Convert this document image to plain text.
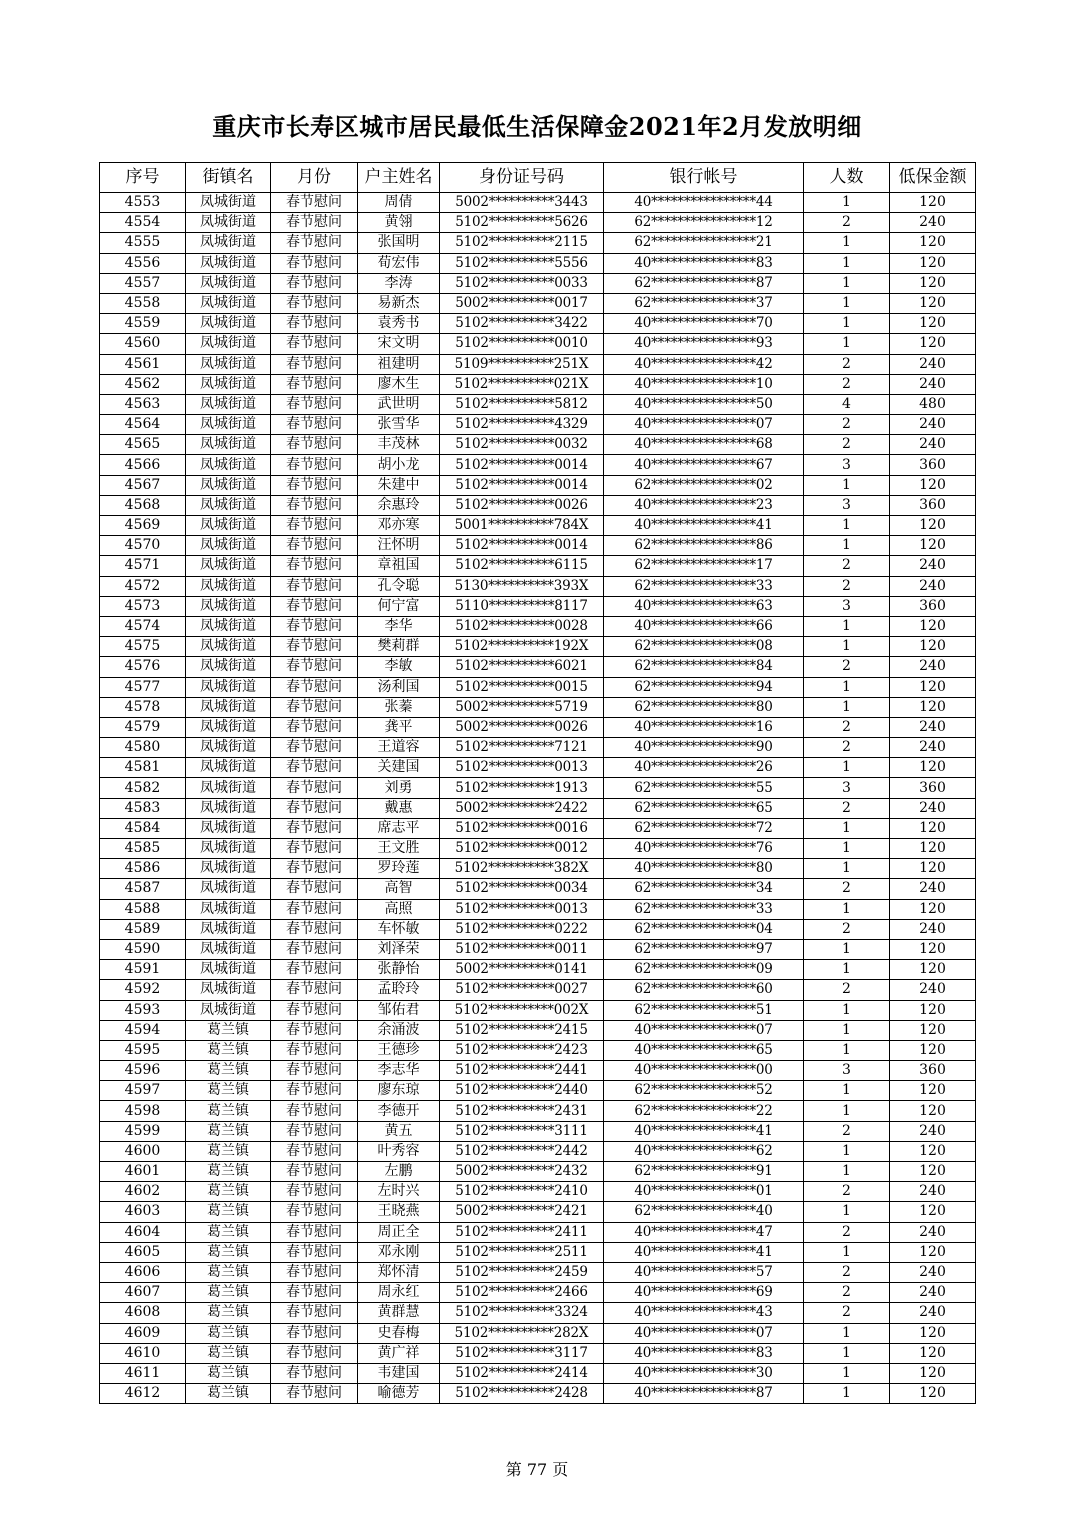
重庆市长寿区城市居民最低生活保障金2021年2月发放明细
序号	街镇名	月份	户主姓名	身份证号码	银行帐号	人数	低保金额
4553	凤城街道	春节慰问	周倩	5002**********3443	40****************44	1	120
4554	凤城街道	春节慰问	黄翎	5102**********5626	62****************12	2	240
4555	凤城街道	春节慰问	张国明	5102**********2115	62****************21	1	120
4556	凤城街道	春节慰问	荀宏伟	5102**********5556	40****************83	1	120
4557	凤城街道	春节慰问	李涛	5102**********0033	62****************87	1	120
4558	凤城街道	春节慰问	易新杰	5002**********0017	62****************37	1	120
4559	凤城街道	春节慰问	袁秀书	5102**********3422	40****************70	1	120
4560	凤城街道	春节慰问	宋文明	5102**********0010	40****************93	1	120
4561	凤城街道	春节慰问	祖建明	5109**********251X	40****************42	2	240
4562	凤城街道	春节慰问	廖木生	5102**********021X	40****************10	2	240
4563	凤城街道	春节慰问	武世明	5102**********5812	40****************50	4	480
4564	凤城街道	春节慰问	张雪华	5102**********4329	40****************07	2	240
4565	凤城街道	春节慰问	丰茂林	5102**********0032	40****************68	2	240
4566	凤城街道	春节慰问	胡小龙	5102**********0014	40****************67	3	360
4567	凤城街道	春节慰问	朱建中	5102**********0014	62****************02	1	120
4568	凤城街道	春节慰问	余惠玲	5102**********0026	40****************23	3	360
4569	凤城街道	春节慰问	邓亦寒	5001**********784X	40****************41	1	120
4570	凤城街道	春节慰问	汪怀明	5102**********0014	62****************86	1	120
4571	凤城街道	春节慰问	章祖国	5102**********6115	62****************17	2	240
4572	凤城街道	春节慰问	孔令聪	5130**********393X	62****************33	2	240
4573	凤城街道	春节慰问	何宁富	5110**********8117	40****************63	3	360
4574	凤城街道	春节慰问	李华	5102**********0028	40****************66	1	120
4575	凤城街道	春节慰问	樊莉群	5102**********192X	62****************08	1	120
4576	凤城街道	春节慰问	李敏	5102**********6021	62****************84	2	240
4577	凤城街道	春节慰问	汤利国	5102**********0015	62****************94	1	120
4578	凤城街道	春节慰问	张蓁	5002**********5719	62****************80	1	120
4579	凤城街道	春节慰问	龚平	5002**********0026	40****************16	2	240
4580	凤城街道	春节慰问	王道容	5102**********7121	40****************90	2	240
4581	凤城街道	春节慰问	关建国	5102**********0013	40****************26	1	120
4582	凤城街道	春节慰问	刘勇	5102**********1913	62****************55	3	360
4583	凤城街道	春节慰问	戴惠	5002**********2422	62****************65	2	240
4584	凤城街道	春节慰问	席志平	5102**********0016	62****************72	1	120
4585	凤城街道	春节慰问	王文胜	5102**********0012	40****************76	1	120
4586	凤城街道	春节慰问	罗玲莲	5102**********382X	40****************80	1	120
4587	凤城街道	春节慰问	高智	5102**********0034	62****************34	2	240
4588	凤城街道	春节慰问	高照	5102**********0013	62****************33	1	120
4589	凤城街道	春节慰问	车怀敏	5102**********0222	62****************04	2	240
4590	凤城街道	春节慰问	刘泽荣	5102**********0011	62****************97	1	120
4591	凤城街道	春节慰问	张静怡	5002**********0141	62****************09	1	120
4592	凤城街道	春节慰问	孟聆玲	5102**********0027	62****************60	2	240
4593	凤城街道	春节慰问	邹佑君	5102**********002X	62****************51	1	120
4594	葛兰镇	春节慰问	余涌波	5102**********2415	40****************07	1	120
4595	葛兰镇	春节慰问	王德珍	5102**********2423	40****************65	1	120
4596	葛兰镇	春节慰问	李志华	5102**********2441	40****************00	3	360
4597	葛兰镇	春节慰问	廖东琼	5102**********2440	62****************52	1	120
4598	葛兰镇	春节慰问	李德开	5102**********2431	62****************22	1	120
4599	葛兰镇	春节慰问	黄五	5102**********3111	40****************41	2	240
4600	葛兰镇	春节慰问	叶秀容	5102**********2442	40****************62	1	120
4601	葛兰镇	春节慰问	左鹏	5002**********2432	62****************91	1	120
4602	葛兰镇	春节慰问	左时兴	5102**********2410	40****************01	2	240
4603	葛兰镇	春节慰问	王晓燕	5002**********2421	62****************40	1	120
4604	葛兰镇	春节慰问	周正全	5102**********2411	40****************47	2	240
4605	葛兰镇	春节慰问	邓永刚	5102**********2511	40****************41	1	120
4606	葛兰镇	春节慰问	郑怀清	5102**********2459	40****************57	2	240
4607	葛兰镇	春节慰问	周永红	5102**********2466	40****************69	2	240
4608	葛兰镇	春节慰问	黄群慧	5102**********3324	40****************43	2	240
4609	葛兰镇	春节慰问	史春梅	5102**********282X	40****************07	1	120
4610	葛兰镇	春节慰问	黄广祥	5102**********3117	40****************83	1	120
4611	葛兰镇	春节慰问	韦建国	5102**********2414	40****************30	1	120
4612	葛兰镇	春节慰问	喻德芳	5102**********2428	40****************87	1	120
第 77 页
